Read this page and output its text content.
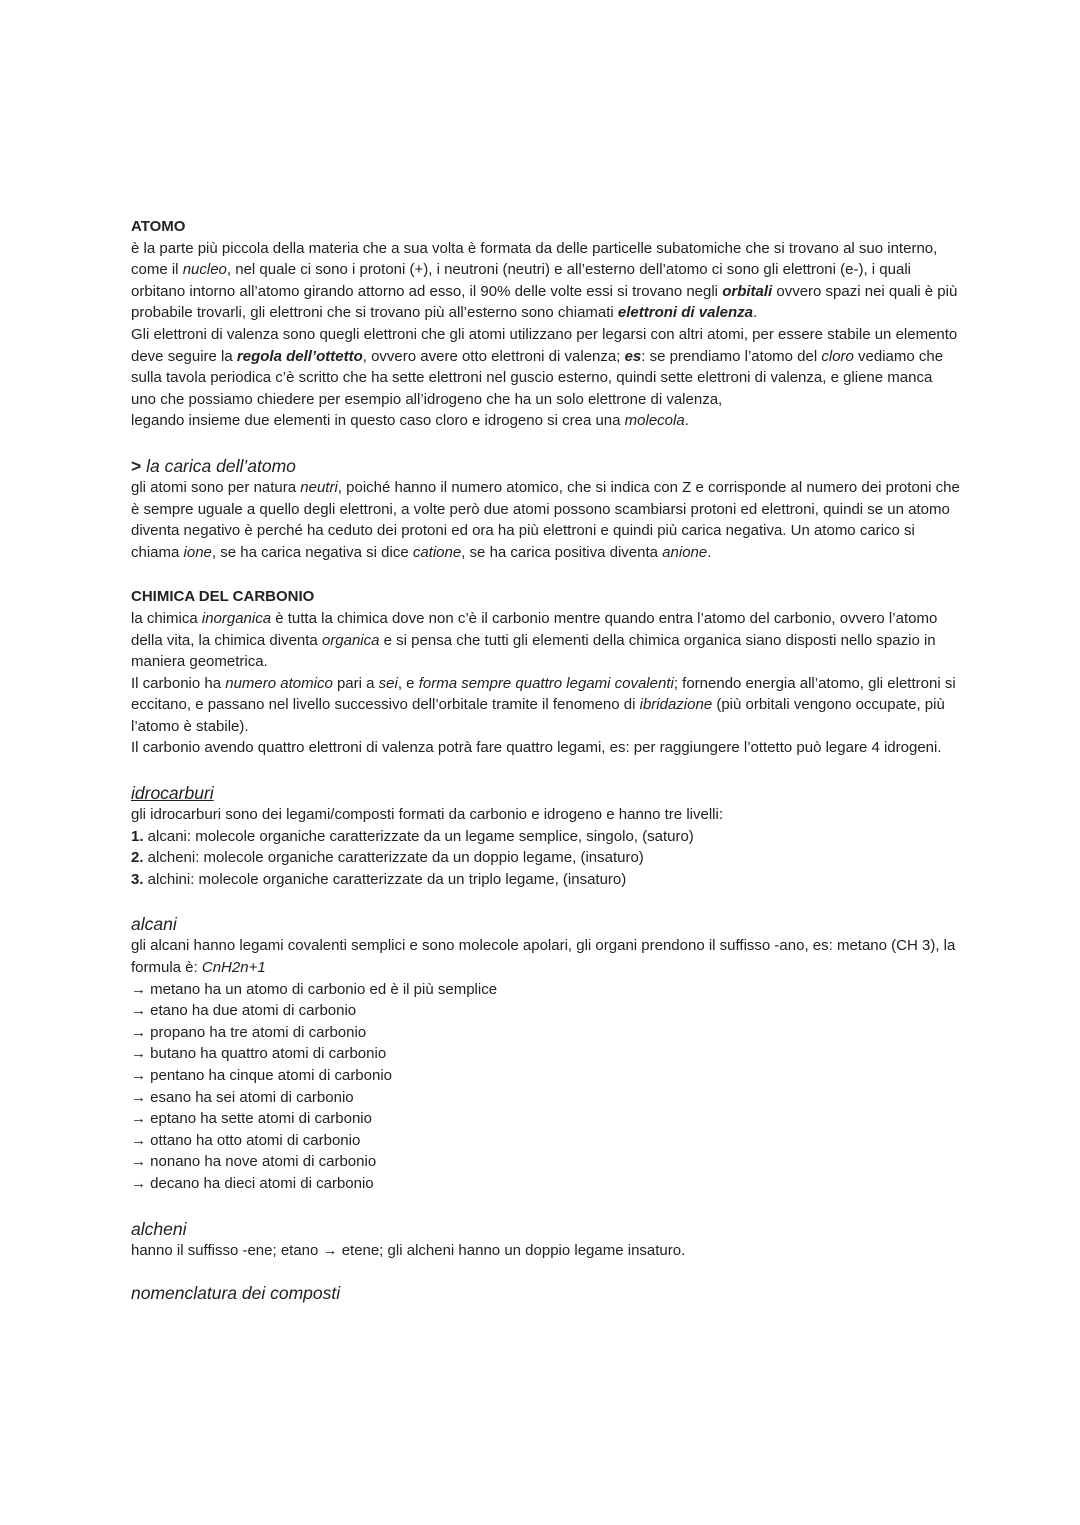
ATOMO

è la parte più piccola della materia che a sua volta è formata da delle particelle subatomiche che si trovano al suo interno, come il nucleo, nel quale ci sono i protoni (+), i neutroni (neutri) e all’esterno dell’atomo ci sono gli elettroni (e-), i quali orbitano intorno all’atomo girando attorno ad esso, il 90% delle volte essi si trovano negli orbitali ovvero spazi nei quali è più probabile trovarli, gli elettroni che si trovano più all’esterno sono chiamati elettroni di valenza.

Gli elettroni di valenza sono quegli elettroni che gli atomi utilizzano per legarsi con altri atomi, per essere stabile un elemento deve seguire la regola dell’ottetto, ovvero avere otto elettroni di valenza; es: se prendiamo l’atomo del cloro vediamo che sulla tavola periodica c’è scritto che ha sette elettroni nel guscio esterno, quindi sette elettroni di valenza, e gliene manca uno che possiamo chiedere per esempio all’idrogeno che ha un solo elettrone di valenza,

legando insieme due elementi in questo caso cloro e idrogeno si crea una molecola.

> la carica dell’atomo

gli atomi sono per natura neutri, poiché hanno il numero atomico, che si indica con Z e corrisponde al numero dei protoni che è sempre uguale a quello degli elettroni, a volte però due atomi possono scambiarsi protoni ed elettroni, quindi se un atomo diventa negativo è perché ha ceduto dei protoni ed ora ha più elettroni e quindi più carica negativa. Un atomo carico si chiama ione, se ha carica negativa si dice catione, se ha carica positiva diventa anione.

CHIMICA DEL CARBONIO

la chimica inorganica è tutta la chimica dove non c’è il carbonio mentre quando entra l’atomo del carbonio, ovvero l’atomo della vita, la chimica diventa organica e si pensa che tutti gli elementi della chimica organica siano disposti nello spazio in maniera geometrica.

Il carbonio ha numero atomico pari a sei, e forma sempre quattro legami covalenti; fornendo energia all’atomo, gli elettroni si eccitano, e passano nel livello successivo dell’orbitale tramite il fenomeno di ibridazione (più orbitali vengono occupate, più l’atomo è stabile).

Il carbonio avendo quattro elettroni di valenza potrà fare quattro legami, es: per raggiungere l’ottetto può legare 4 idrogeni.

idrocarburi

gli idrocarburi sono dei legami/composti formati da carbonio e idrogeno e hanno tre livelli:

1. alcani: molecole organiche caratterizzate da un legame semplice, singolo, (saturo)

2. alcheni: molecole organiche caratterizzate da un doppio legame, (insaturo)

3. alchini: molecole organiche caratterizzate da un triplo legame, (insaturo)

alcani

gli alcani hanno legami covalenti semplici e sono molecole apolari, gli organi prendono il suffisso -ano, es: metano (CH 3), la formula è: CnH2n+1

→ metano ha un atomo di carbonio ed è il più semplice

→ etano ha due atomi di carbonio

→ propano ha tre atomi di carbonio

→ butano ha quattro atomi di carbonio

→ pentano ha cinque atomi di carbonio

→ esano ha sei atomi di carbonio

→ eptano ha sette atomi di carbonio

→ ottano ha otto atomi di carbonio

→ nonano ha nove atomi di carbonio

→ decano ha dieci atomi di carbonio

alcheni

hanno il suffisso -ene; etano → etene; gli alcheni hanno un doppio legame insaturo.

nomenclatura dei composti
